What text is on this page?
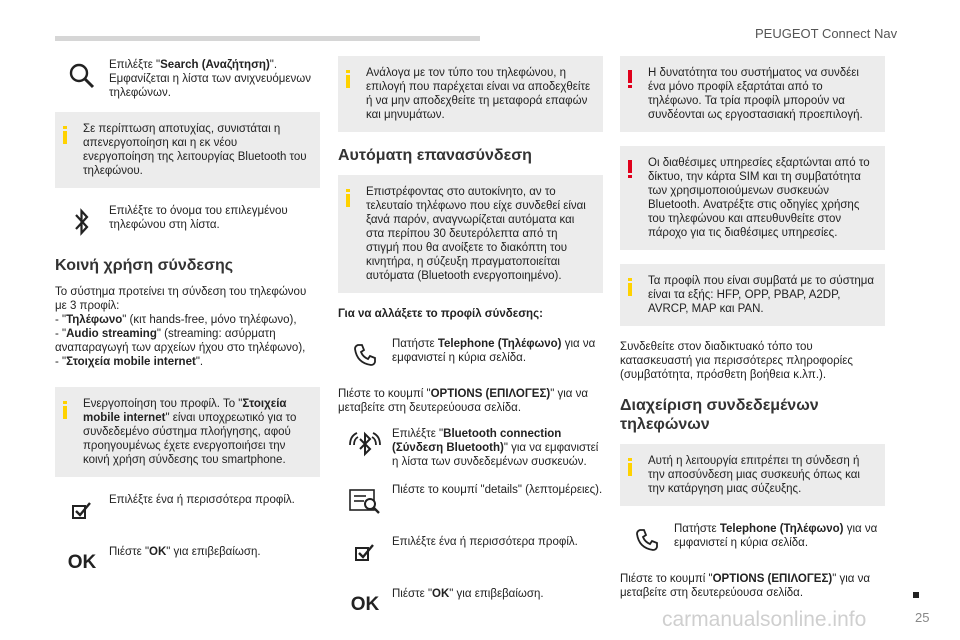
PEUGEOT Connect Nav
Επιλέξτε "Search (Αναζήτηση)". Εμφανίζεται η λίστα των ανιχνευόμενων τηλεφώνων.
Σε περίπτωση αποτυχίας, συνιστάται η απενεργοποίηση και η εκ νέου ενεργοποίηση της λειτουργίας Bluetooth του τηλεφώνου.
Επιλέξτε το όνομα του επιλεγμένου τηλεφώνου στη λίστα.
Κοινή χρήση σύνδεσης
Το σύστημα προτείνει τη σύνδεση του τηλεφώνου με 3 προφίλ:
- "Τηλέφωνο" (κιτ hands-free, μόνο τηλέφωνο),
- "Audio streaming" (streaming: ασύρματη αναπαραγωγή των αρχείων ήχου στο τηλέφωνο),
- "Στοιχεία mobile internet".
Ενεργοποίηση του προφίλ. Το "Στοιχεία mobile internet" είναι υποχρεωτικό για το συνδεδεμένο σύστημα πλοήγησης, αφού προηγουμένως έχετε ενεργοποιήσει την κοινή χρήση σύνδεσης του smartphone.
Επιλέξτε ένα ή περισσότερα προφίλ.
OK Πιέστε "OK" για επιβεβαίωση.
Ανάλογα με τον τύπο του τηλεφώνου, η επιλογή που παρέχεται είναι να αποδεχθείτε ή να μην αποδεχθείτε τη μεταφορά επαφών και μηνυμάτων.
Αυτόματη επανασύνδεση
Επιστρέφοντας στο αυτοκίνητο, αν το τελευταίο τηλέφωνο που είχε συνδεθεί είναι ξανά παρόν, αναγνωρίζεται αυτόματα και στα περίπου 30 δευτερόλεπτα από τη στιγμή που θα ανοίξετε το διακόπτη του κινητήρα, η σύζευξη πραγματοποιείται αυτόματα (Bluetooth ενεργοποιημένο).
Για να αλλάξετε το προφίλ σύνδεσης:
Πατήστε Telephone (Τηλέφωνο) για να εμφανιστεί η κύρια σελίδα.
Πιέστε το κουμπί "OPTIONS (ΕΠΙΛΟΓΕΣ)" για να μεταβείτε στη δευτερεύουσα σελίδα.
Επιλέξτε "Bluetooth connection (Σύνδεση Bluetooth)" για να εμφανιστεί η λίστα των συνδεδεμένων συσκευών.
Πιέστε το κουμπί "details" (λεπτομέρειες).
Επιλέξτε ένα ή περισσότερα προφίλ.
OK Πιέστε "OK" για επιβεβαίωση.
Η δυνατότητα του συστήματος να συνδέει ένα μόνο προφίλ εξαρτάται από το τηλέφωνο. Τα τρία προφίλ μπορούν να συνδέονται ως εργοστασιακή προεπιλογή.
Οι διαθέσιμες υπηρεσίες εξαρτώνται από το δίκτυο, την κάρτα SIM και τη συμβατότητα των χρησιμοποιούμενων συσκευών Bluetooth. Ανατρέξτε στις οδηγίες χρήσης του τηλεφώνου και απευθυνθείτε στον πάροχο για τις διαθέσιμες υπηρεσίες.
Τα προφίλ που είναι συμβατά με το σύστημα είναι τα εξής: HFP, OPP, PBAP, A2DP, AVRCP, MAP και PAN.
Συνδεθείτε στον διαδικτυακό τόπο του κατασκευαστή για περισσότερες πληροφορίες (συμβατότητα, πρόσθετη βοήθεια κ.λπ.).
Διαχείριση συνδεδεμένων τηλεφώνων
Αυτή η λειτουργία επιτρέπει τη σύνδεση ή την αποσύνδεση μιας συσκευής όπως και την κατάργηση μιας σύζευξης.
Πατήστε Telephone (Τηλέφωνο) για να εμφανιστεί η κύρια σελίδα.
Πιέστε το κουμπί "OPTIONS (ΕΠΙΛΟΓΕΣ)" για να μεταβείτε στη δευτερεύουσα σελίδα.
carmanualsonline.info	25
